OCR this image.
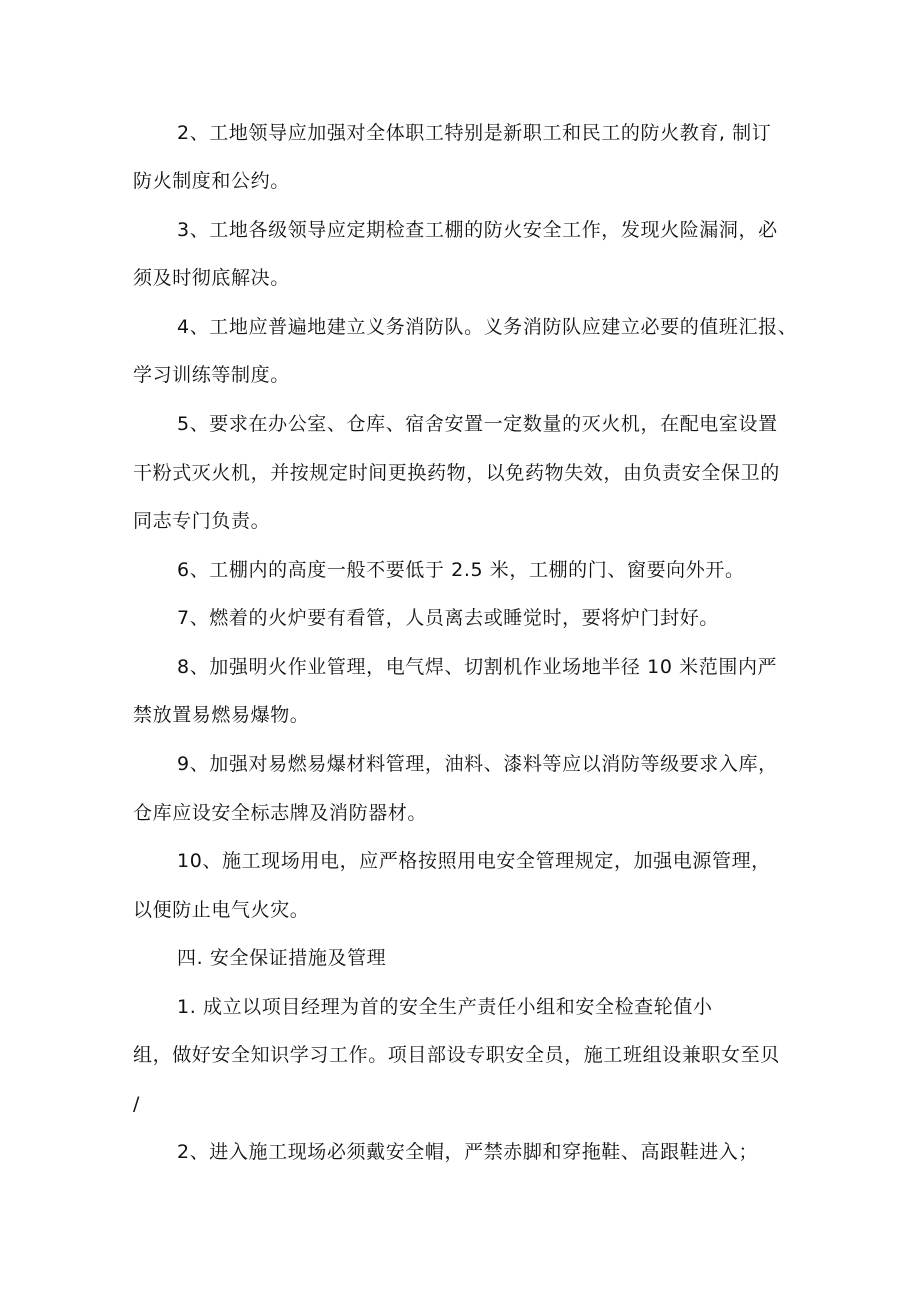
2、工地领导应加强对全体职工特别是新职工和民工的防火教育, 制订
防火制度和公约。
3、工地各级领导应定期检查工棚的防火安全工作，发现火险漏洞，必
须及时彻底解决。
4、工地应普遍地建立义务消防队。义务消防队应建立必要的值班汇报、
学习训练等制度。
5、要求在办公室、仓库、宿舍安置一定数量的灭火机，在配电室设置
干粉式灭火机，并按规定时间更换药物，以免药物失效，由负责安全保卫的
同志专门负责。
6、工棚内的高度一般不要低于 2.5 米，工棚的门、窗要向外开。
7、燃着的火炉要有看管，人员离去或睡觉时，要将炉门封好。
8、加强明火作业管理，电气焊、切割机作业场地半径 10 米范围内严
禁放置易燃易爆物。
9、加强对易燃易爆材料管理，油料、漆料等应以消防等级要求入库，
仓库应设安全标志牌及消防器材。
10、施工现场用电，应严格按照用电安全管理规定，加强电源管理，
以便防止电气火灾。
四. 安全保证措施及管理
1. 成立以项目经理为首的安全生产责任小组和安全检查轮值小
组，做好安全知识学习工作。项目部设专职安全员，施工班组设兼职女至贝
/
2、进入施工现场必须戴安全帽，严禁赤脚和穿拖鞋、高跟鞋进入；
